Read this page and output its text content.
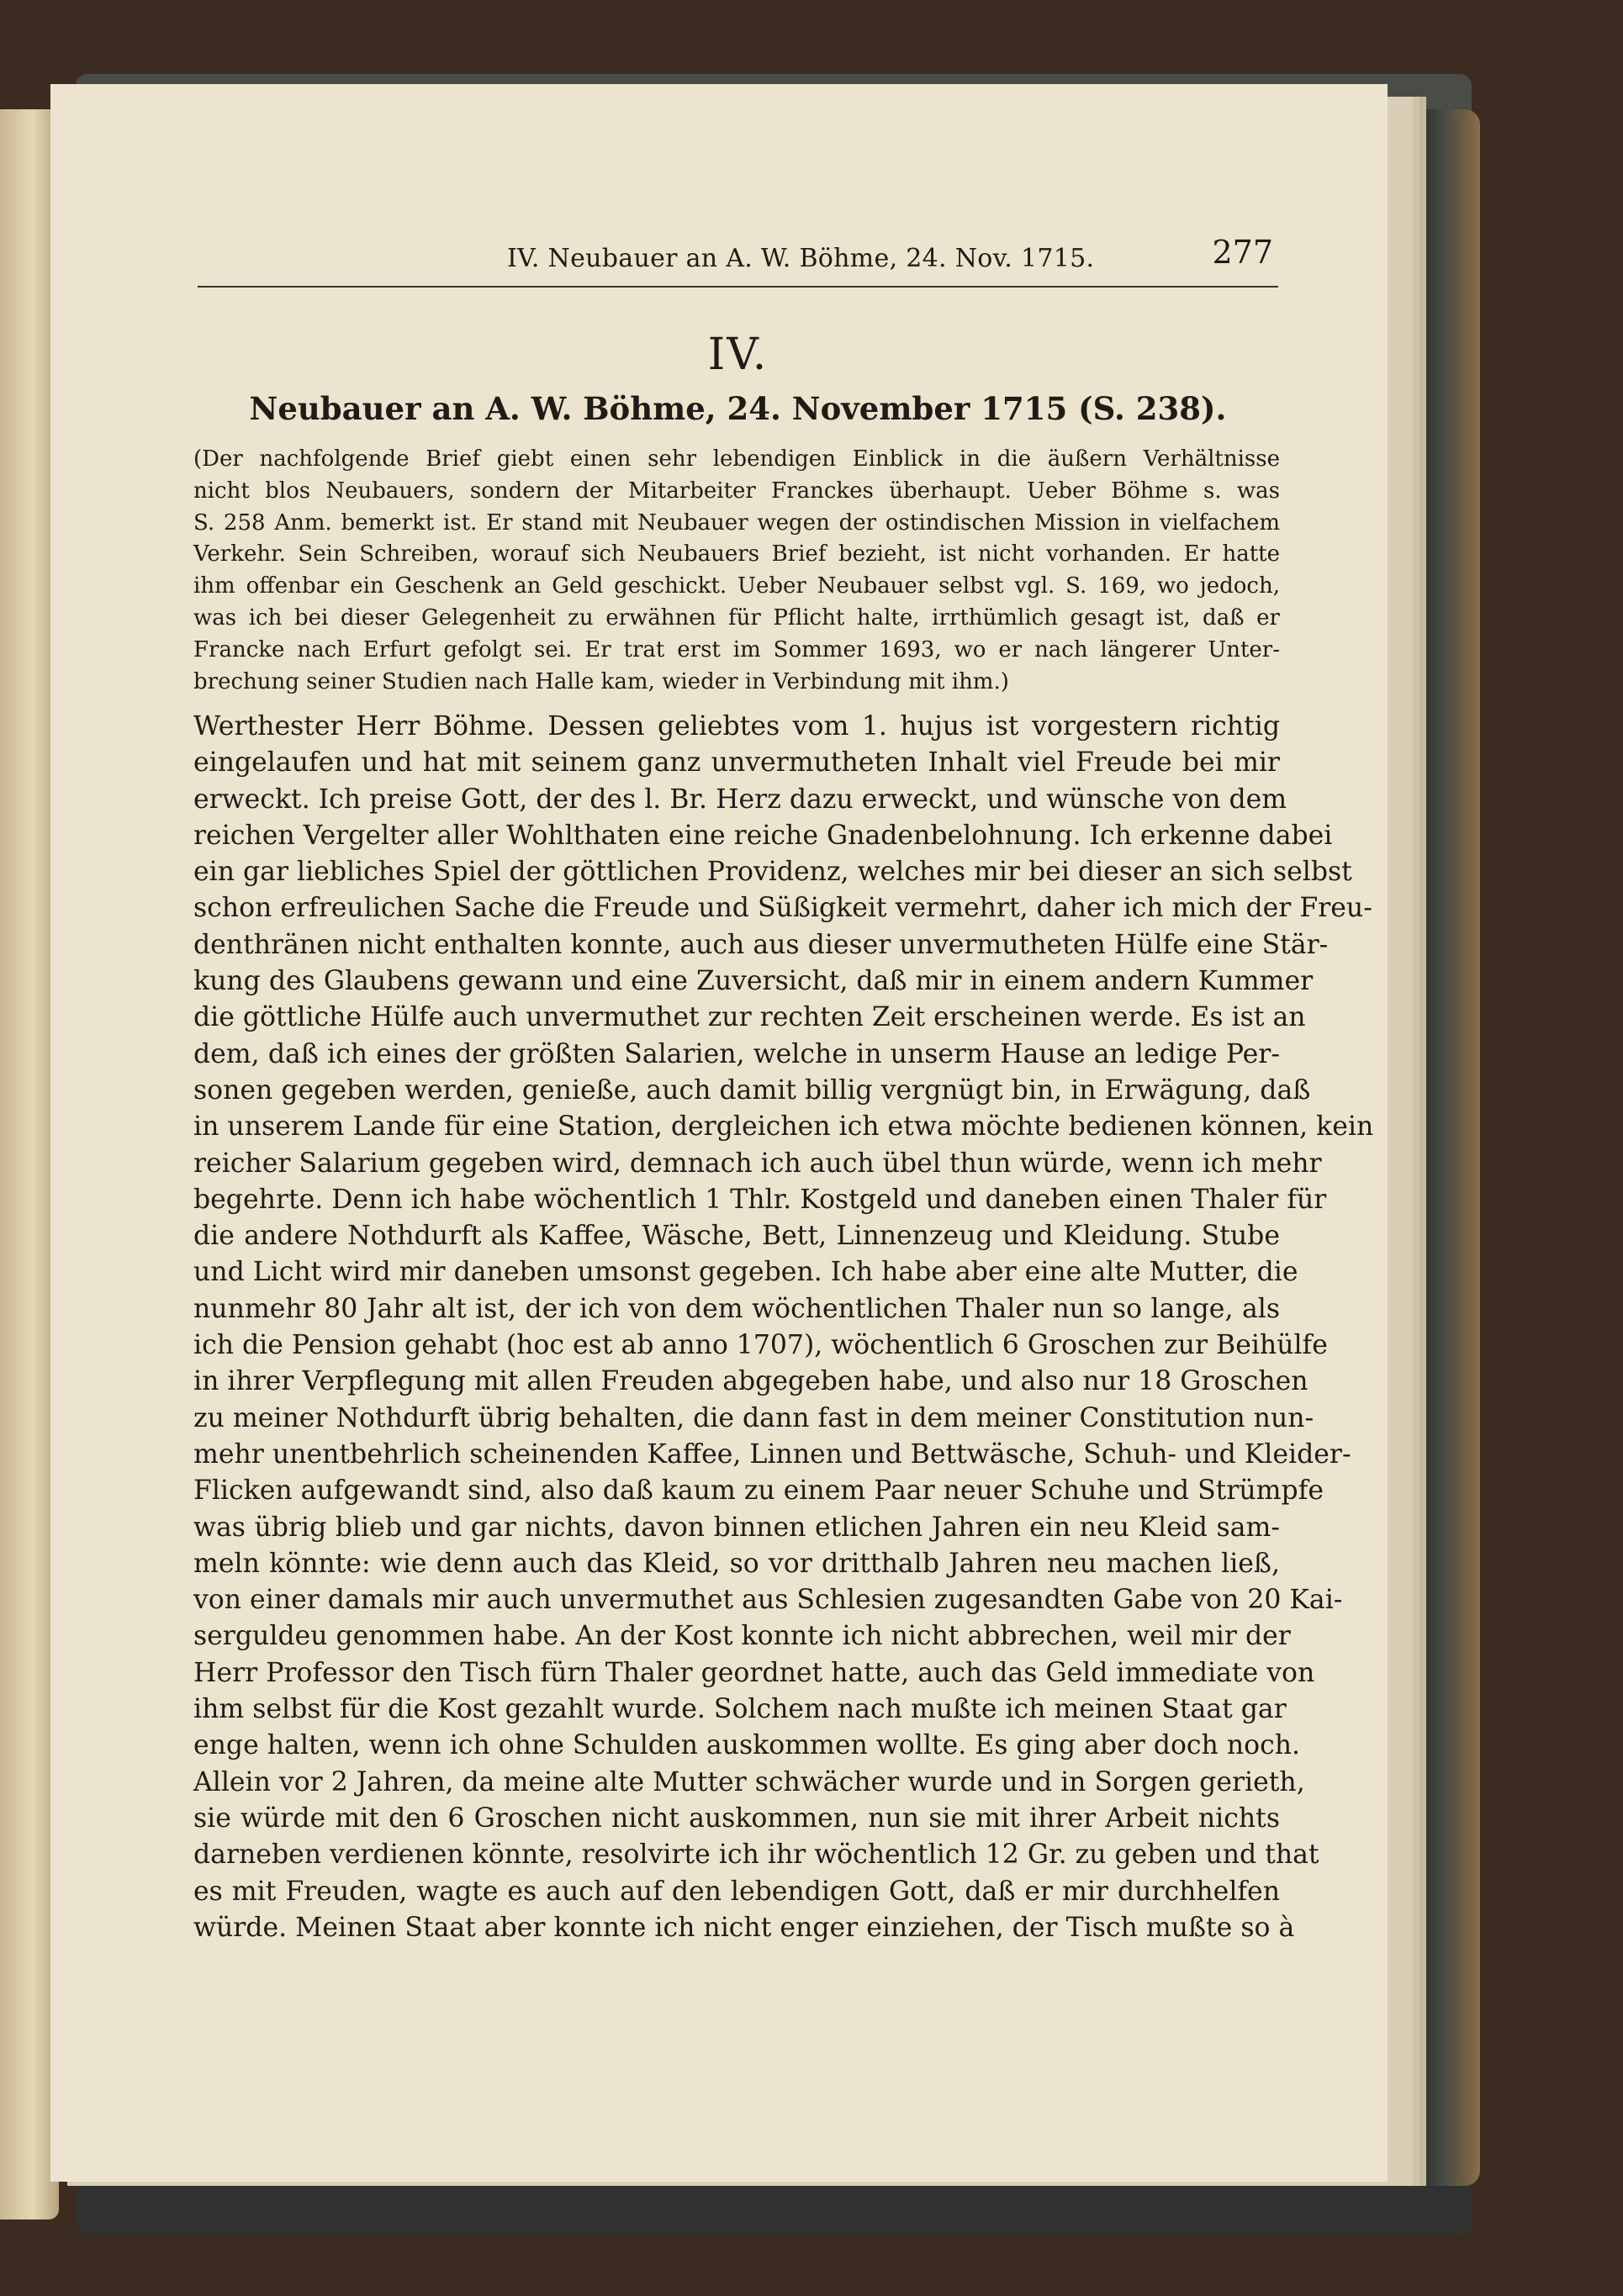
IV. Neubauer an A. W. Böhme, 24. Nov. 1715.	277
IV.
Neubauer an A. W. Böhme, 24. November 1715 (S. 238).
(Der nachfolgende Brief giebt einen sehr lebendigen Einblick in die äußern Verhältnisse
nicht blos Neubauers, sondern der Mitarbeiter Franckes überhaupt. Ueber Böhme s. was
S. 258 Anm. bemerkt ist. Er stand mit Neubauer wegen der ostindischen Mission in vielfachem
Verkehr. Sein Schreiben, worauf sich Neubauers Brief bezieht, ist nicht vorhanden. Er hatte
ihm offenbar ein Geschenk an Geld geschickt. Ueber Neubauer selbst vgl. S. 169, wo jedoch,
was ich bei dieser Gelegenheit zu erwähnen für Pflicht halte, irrthümlich gesagt ist, daß er
Francke nach Erfurt gefolgt sei. Er trat erst im Sommer 1693, wo er nach längerer Unter-
brechung seiner Studien nach Halle kam, wieder in Verbindung mit ihm.)
Werthester Herr Böhme. Dessen geliebtes vom 1. hujus ist vorgestern richtig
eingelaufen und hat mit seinem ganz unvermutheten Inhalt viel Freude bei mir
erweckt. Ich preise Gott, der des l. Br. Herz dazu erweckt, und wünsche von dem
reichen Vergelter aller Wohlthaten eine reiche Gnadenbelohnung. Ich erkenne dabei
ein gar liebliches Spiel der göttlichen Providenz, welches mir bei dieser an sich selbst
schon erfreulichen Sache die Freude und Süßigkeit vermehrt, daher ich mich der Freu-
denthränen nicht enthalten konnte, auch aus dieser unvermutheten Hülfe eine Stär-
kung des Glaubens gewann und eine Zuversicht, daß mir in einem andern Kummer
die göttliche Hülfe auch unvermuthet zur rechten Zeit erscheinen werde. Es ist an
dem, daß ich eines der größten Salarien, welche in unserm Hause an ledige Per-
sonen gegeben werden, genieße, auch damit billig vergnügt bin, in Erwägung, daß
in unserem Lande für eine Station, dergleichen ich etwa möchte bedienen können, kein
reicher Salarium gegeben wird, demnach ich auch übel thun würde, wenn ich mehr
begehrte. Denn ich habe wöchentlich 1 Thlr. Kostgeld und daneben einen Thaler für
die andere Nothdurft als Kaffee, Wäsche, Bett, Linnenzeug und Kleidung. Stube
und Licht wird mir daneben umsonst gegeben. Ich habe aber eine alte Mutter, die
nunmehr 80 Jahr alt ist, der ich von dem wöchentlichen Thaler nun so lange, als
ich die Pension gehabt (hoc est ab anno 1707), wöchentlich 6 Groschen zur Beihülfe
in ihrer Verpflegung mit allen Freuden abgegeben habe, und also nur 18 Groschen
zu meiner Nothdurft übrig behalten, die dann fast in dem meiner Constitution nun-
mehr unentbehrlich scheinenden Kaffee, Linnen und Bettwäsche, Schuh- und Kleider-
Flicken aufgewandt sind, also daß kaum zu einem Paar neuer Schuhe und Strümpfe
was übrig blieb und gar nichts, davon binnen etlichen Jahren ein neu Kleid sam-
meln könnte: wie denn auch das Kleid, so vor dritthalb Jahren neu machen ließ,
von einer damals mir auch unvermuthet aus Schlesien zugesandten Gabe von 20 Kai-
serguldeu genommen habe. An der Kost konnte ich nicht abbrechen, weil mir der
Herr Professor den Tisch fürn Thaler geordnet hatte, auch das Geld immediate von
ihm selbst für die Kost gezahlt wurde. Solchem nach mußte ich meinen Staat gar
enge halten, wenn ich ohne Schulden auskommen wollte. Es ging aber doch noch.
Allein vor 2 Jahren, da meine alte Mutter schwächer wurde und in Sorgen gerieth,
sie würde mit den 6 Groschen nicht auskommen, nun sie mit ihrer Arbeit nichts
darneben verdienen könnte, resolvirte ich ihr wöchentlich 12 Gr. zu geben und that
es mit Freuden, wagte es auch auf den lebendigen Gott, daß er mir durchhelfen
würde. Meinen Staat aber konnte ich nicht enger einziehen, der Tisch mußte so à
